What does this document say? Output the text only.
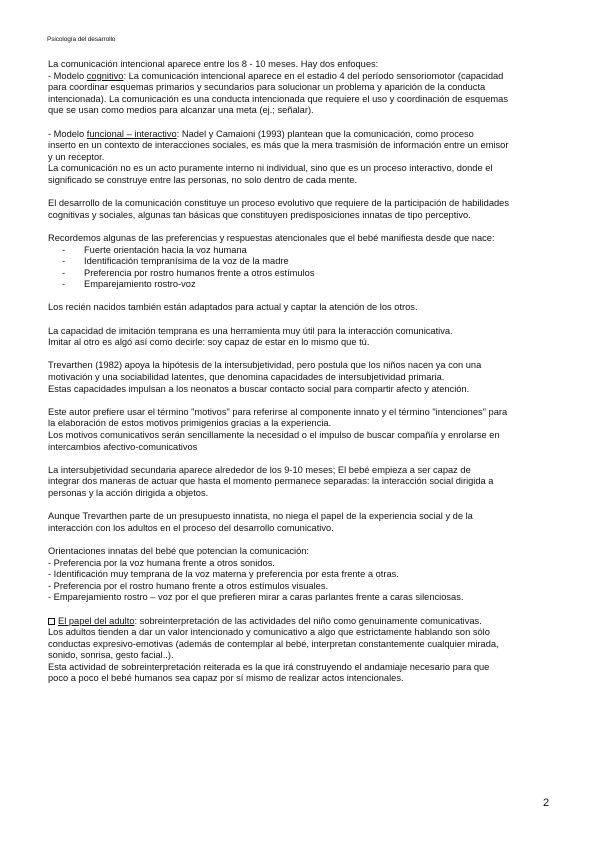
Psicología del desarrollo

La comunicación intencional aparece entre los 8 - 10 meses. Hay dos enfoques:

- Modelo cognitivo: La comunicación intencional aparece en el estadio 4 del período sensoriomotor (capacidad

para coordinar esquemas primarios y secundarios para solucionar un problema y aparición de la conducta

intencionada). La comunicación es una conducta intencionada que requiere el uso y coordinación de esquemas

que se usan como medios para alcanzar una meta (ej.; señalar).

- Modelo funcional – interactivo: Nadel y Camaioni (1993) plantean que la comunicación, como proceso

inserto en un contexto de interacciones sociales, es más que la mera trasmisión de información entre un emisor

y un receptor.

La comunicación no es un acto puramente interno ni individual, sino que es un proceso interactivo, donde el

significado se construye entre las personas, no solo dentro de cada mente.

El desarrollo de la comunicación constituye un proceso evolutivo que requiere de la participación de habilidades

cognitivas y sociales, algunas tan básicas que constituyen predisposiciones innatas de tipo perceptivo.

Recordemos algunas de las preferencias y respuestas atencionales que el bebé manifiesta desde que nace:

- Fuerte orientación hacia la voz humana
- Identificación tempranísima de la voz de la madre
- Preferencia por rostro humanos frente a otros estímulos
- Emparejamiento rostro-voz

Los recién nacidos también están adaptados para actual y captar la atención de los otros.

La capacidad de imitación temprana es una herramienta muy útil para la interacción comunicativa.

Imitar al otro es algó así como decirle: soy capaz de estar en lo mismo que tú.

Trevarthen (1982) apoya la hipótesis de la intersubjetividad, pero postula que los niños nacen ya con una

motivación y una sociabilidad latentes, que denomina capacidades de intersubjetividad primaria.

Estas capacidades impulsan a los neonatos a buscar contacto social para compartir afecto y atención.

Este autor prefiere usar el término "motivos" para referirse al componente innato y el término "intenciones" para

la elaboración de estos motivos primigenios gracias a la experiencia.

Los motivos comunicativos serán sencillamente la necesidad o el impulso de buscar compañía y enrolarse en

intercambios afectivo-comunicativos

La intersubjetividad secundaria aparece alrededor de los 9-10 meses; El bebé empieza a ser capaz de

integrar dos maneras de actuar que hasta el momento permanece separadas: la interacción social dirigida a

personas y la acción dirigida a objetos.

Aunque Trevarthen parte de un presupuesto innatista, no niega el papel de la experiencia social y de la

interacción con los adultos en el proceso del desarrollo comunicativo.

Orientaciones innatas del bebé que potencian la comunicación:

- Preferencia por la voz humana frente a otros sonidos.

- Identificación muy temprana de la voz materna y preferencia por esta frente a otras.

- Preferencia por el rostro humano frente a otros estímulos visuales.

- Emparejamiento rostro – voz por el que prefieren mirar a caras parlantes frente a caras silenciosas.

El papel del adulto: sobreinterpretación de las actividades del niño como genuinamente comunicativas.

Los adultos tienden a dar un valor intencionado y comunicativo a algo que estrictamente hablando son sólo

conductas expresivo-emotivas (además de contemplar al bebé, interpretan constantemente cualquier mirada,

sonido, sonrisa, gesto facial..).

Esta actividad de sobreinterpretación reiterada es la que irá construyendo el andamiaje necesario para que

poco a poco el bebé humanos sea capaz por sí mismo de realizar actos intencionales.

2
